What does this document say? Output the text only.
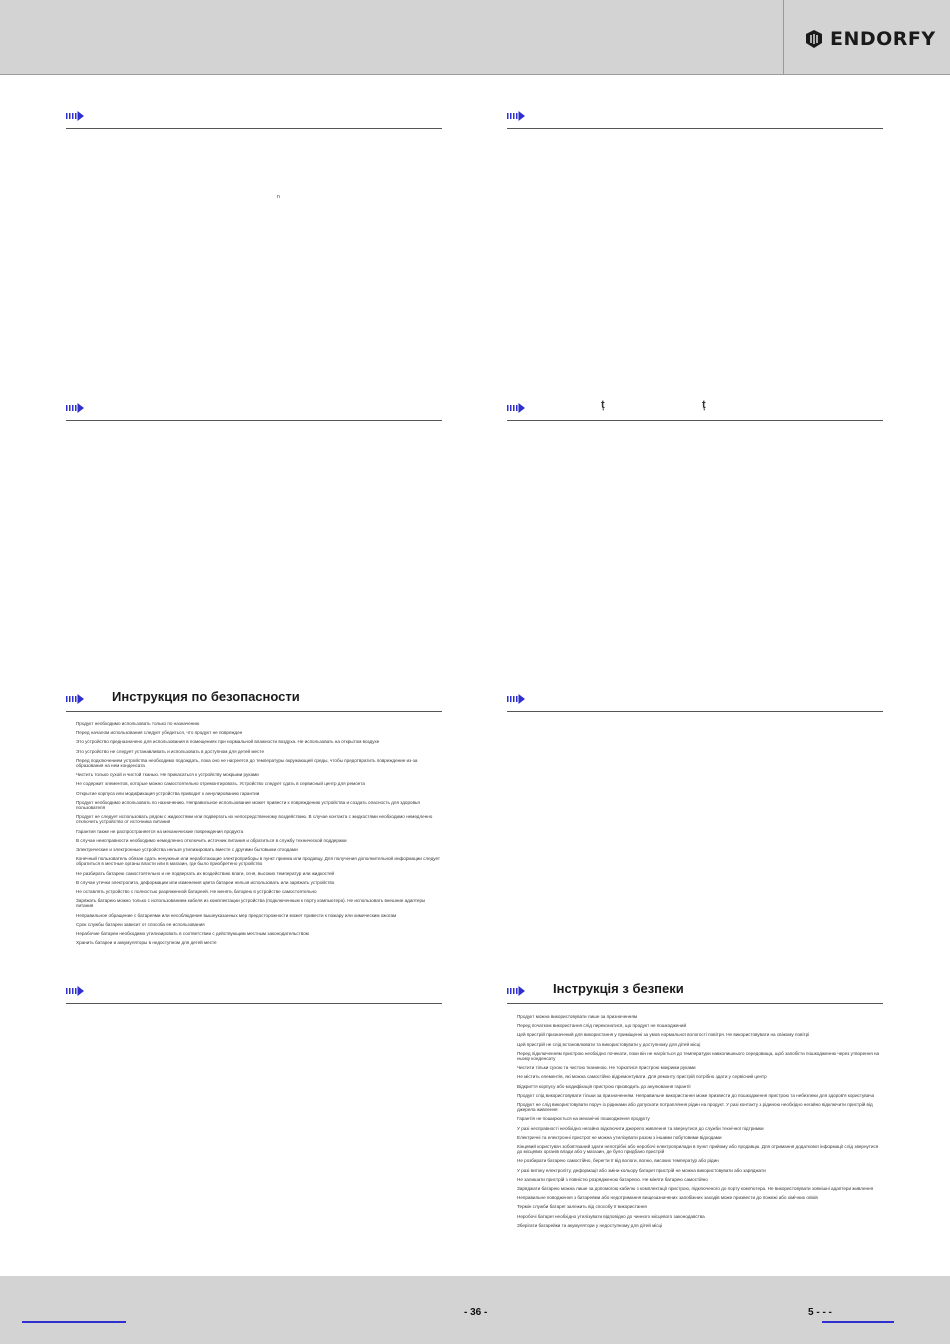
ENDORFY
n
Инструкция по безопасности
Продукт необходимо использовать только по назначению
Перед началом использования следует убедиться, что продукт не поврежден
Это устройство предназначено для использования в помещениях при нормальной влажности воздуха. Не использовать на открытом воздухе
Это устройство не следует устанавливать и использовать в доступном для детей месте
Перед подключением устройства необходимо подождать, пока оно не нагреется до температуры окружающей среды, чтобы предотвратить повреждение из-за образования на нем конденсата
Чистить только сухой и чистой тканью. Не прикасаться к устройству мокрыми руками
Не содержит элементов, которые можно самостоятельно отремонтировать. Устройство следует сдать в сервисный центр для ремонта
Открытие корпуса или модификация устройства приводит к аннулированию гарантии
Продукт необходимо использовать по назначению. Неправильное использование может привести к повреждению устройства и создать опасность для здоровья пользователя
Продукт не следует использовать рядом с жидкостями или подвергать их непосредственному воздействию. В случае контакта с жидкостями необходимо немедленно отключить устройство от источника питания
Гарантия также не распространяется на механические повреждения продукта
В случае неисправности необходимо немедленно отключить источник питания и обратиться в службу технической поддержки
Электрические и электронные устройства нельзя утилизировать вместе с другими бытовыми отходами
Конечный пользователь обязан сдать ненужные или неработающие электроприборы в пункт приема или продавцу. Для получения дополнительной информации следует обратиться в местные органы власти или в магазин, где было приобретено устройство
Не разбирать батарею самостоятельно и не подвергать их воздействию влаги, огня, высоких температур или жидкостей
В случае утечки электролита, деформации или изменения цвета батареи нельзя использовать или заряжать устройство
Не оставлять устройство с полностью разряженной батареей. Не менять батарею в устройстве самостоятельно
Заряжать батарею можно только с использованием кабеля из комплектации устройства (подключенным к порту компьютера). Не использовать внешние адаптеры питания
Неправильное обращение с батареями или несоблюдение вышеуказанных мер предосторожности может привести к пожару или химическим ожогам
Срок службы батареи зависит от способа ее использования
Нерабочие батареи необходимо утилизировать в соответствии с действующим местным законодательством
Хранить батареи и аккумуляторы в недоступном для детей месте
ț	ț
Інструкція з безпеки
Продукт можна використовувати лише за призначенням
Перед початком використання слід переконатися, що продукт не пошкоджений
Цей пристрій призначений для використання у приміщенні за умов нормальної вологості повітря. Не використовувати на свіжому повітрі
Цей пристрій не слід встановлювати та використовувати у доступному для дітей місці
Перед підключенням пристрою необхідно почекати, поки він не нагріється до температури навколишнього середовища, щоб запобігти пошкодженню через утворення на ньому конденсату
Чистити тільки сухою та чистою тканиною. Не торкатися пристрою мокрими руками
Не містить елементів, які можна самостійно відремонтувати. Для ремонту пристрій потрібно здати у сервісний центр
Відкриття корпусу або модифікація пристрою призводить до анулювання гарантії
Продукт слід використовувати тільки за призначенням. Неправильне використання може призвести до пошкодження пристрою та небезпеки для здоров'я користувача
Продукт не слід використовувати поруч із рідинами або допускати потрапляння рідин на продукт. У разі контакту з рідиною необхідно негайно відключити пристрій від джерела живлення
Гарантія не поширюється на механічні пошкодження продукту
У разі несправності необхідно негайно відключити джерело живлення та звернутися до служби технічної підтримки
Електричні та електронні пристрої не можна утилізувати разом з іншими побутовими відходами
Кінцевий користувач зобов'язаний здати непотрібні або неробочі електроприлади в пункт прийому або продавцю. Для отримання додаткової інформації слід звернутися до місцевих органів влади або у магазин, де було придбано пристрій
Не розбирати батарею самостійно, берегти її від вологи, вогню, високих температур або рідин
У разі витоку електроліту, деформації або зміни кольору батареї пристрій не можна використовувати або заряджати
Не залишати пристрій з повністю розрядженою батареєю. Не міняти батарею самостійно
Заряджати батарею можна лише за допомогою кабелю з комплектації пристрою, підключеного до порту комп'ютера. Не використовувати зовнішні адаптери живлення
Неправильне поводження з батареями або недотримання вищезазначених запобіжних заходів може призвести до пожежі або хімічних опіків
Термін служби батареї залежить від способу її використання
Неробочі батареї необхідно утилізувати відповідно до чинного місцевого законодавства
Зберігати батарейки та акумулятори у недоступному для дітей місці
- 36 -	5 - - -
